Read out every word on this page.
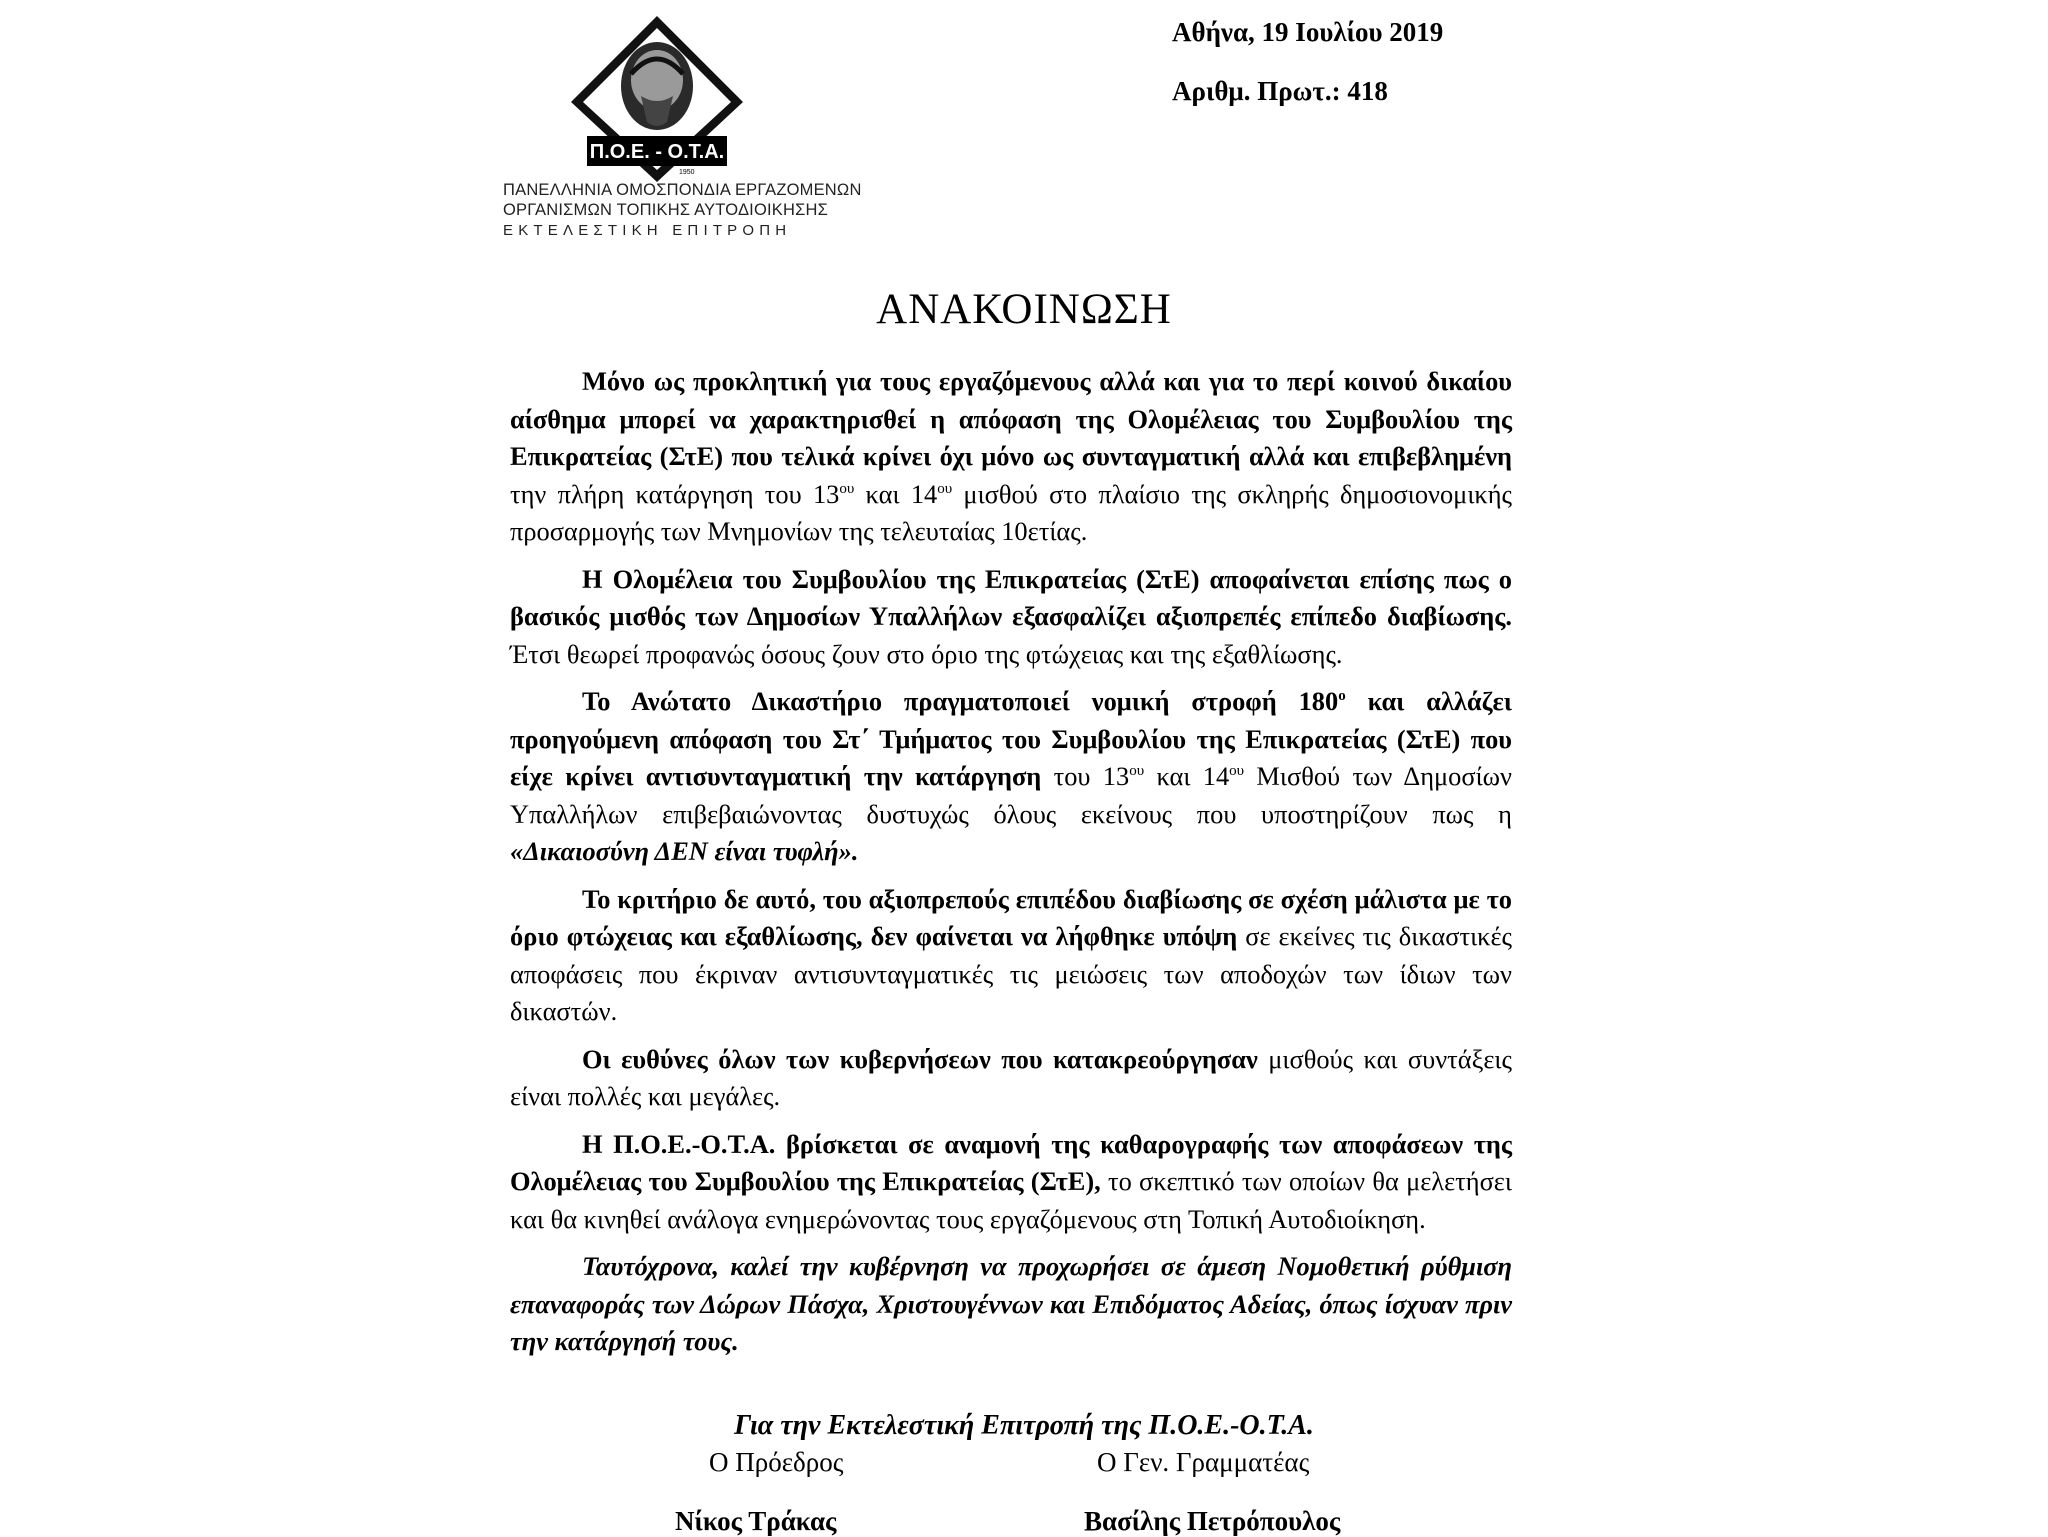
Π.Ο.Ε. - Ο.Τ.Α.
1950
ΠΑΝΕΛΛΗΝΙΑ ΟΜΟΣΠΟΝΔΙΑ ΕΡΓΑΖΟΜΕΝΩΝ
ΟΡΓΑΝΙΣΜΩΝ ΤΟΠΙΚΗΣ ΑΥΤΟΔΙΟΙΚΗΣΗΣ
ΕΚΤΕΛΕΣΤΙΚΗ ΕΠΙΤΡΟΠΗ
Αθήνα, 19 Ιουλίου 2019
Αριθμ. Πρωτ.: 418
ΑΝΑΚΟΙΝΩΣΗ

Μόνο ως προκλητική για τους εργαζόμενους αλλά και για το περί κοινού δικαίου αίσθημα μπορεί να χαρακτηρισθεί η απόφαση της Ολομέλειας του Συμβουλίου της Επικρατείας (ΣτΕ) που τελικά κρίνει όχι μόνο ως συνταγματική αλλά και επιβεβλημένη την πλήρη κατάργηση του $13^{o\upsilon}$ και $14^{o\upsilon}$ μισθού στο πλαίσιο της σκληρής δημοσιονομικής προσαρμογής των Μνημονίων της τελευταίας 10ετίας.

Η Ολομέλεια του Συμβουλίου της Επικρατείας (ΣτΕ) αποφαίνεται επίσης πως ο βασικός μισθός των Δημοσίων Υπαλλήλων εξασφαλίζει αξιοπρεπές επίπεδο διαβίωσης. Έτσι θεωρεί προφανώς όσους ζουν στο όριο της φτώχειας και της εξαθλίωσης.

Το Ανώτατο Δικαστήριο πραγματοποιεί νομική στροφή $180^o$ και αλλάζει προηγούμενη απόφαση του Στ΄ Τμήματος του Συμβουλίου της Επικρατείας (ΣτΕ) που είχε κρίνει αντισυνταγματική την κατάργηση του $13^{o\upsilon}$ και $14^{o\upsilon}$ Μισθού των Δημοσίων Υπαλλήλων επιβεβαιώνοντας δυστυχώς όλους εκείνους που υποστηρίζουν πως η «Δικαιοσύνη ΔΕΝ είναι τυφλή».

Το κριτήριο δε αυτό, του αξιοπρεπούς επιπέδου διαβίωσης σε σχέση μάλιστα με το όριο φτώχειας και εξαθλίωσης, δεν φαίνεται να λήφθηκε υπόψη σε εκείνες τις δικαστικές αποφάσεις που έκριναν αντισυνταγματικές τις μειώσεις των αποδοχών των ίδιων των δικαστών.

Οι ευθύνες όλων των κυβερνήσεων που κατακρεούργησαν μισθούς και συντάξεις είναι πολλές και μεγάλες.

Η Π.Ο.Ε.-Ο.Τ.Α. βρίσκεται σε αναμονή της καθαρογραφής των αποφάσεων της Ολομέλειας του Συμβουλίου της Επικρατείας (ΣτΕ), το σκεπτικό των οποίων θα μελετήσει και θα κινηθεί ανάλογα ενημερώνοντας τους εργαζόμενους στη Τοπική Αυτοδιοίκηση.

Ταυτόχρονα, καλεί την κυβέρνηση να προχωρήσει σε άμεση Νομοθετική ρύθμιση επαναφοράς των Δώρων Πάσχα, Χριστουγέννων και Επιδόματος Αδείας, όπως ίσχυαν πριν την κατάργησή τους.

Για την Εκτελεστική Επιτροπή της Π.Ο.Ε.-Ο.Τ.Α.
Ο Πρόεδρος	Ο Γεν. Γραμματέας
Νίκος Τράκας	Βασίλης Πετρόπουλος
